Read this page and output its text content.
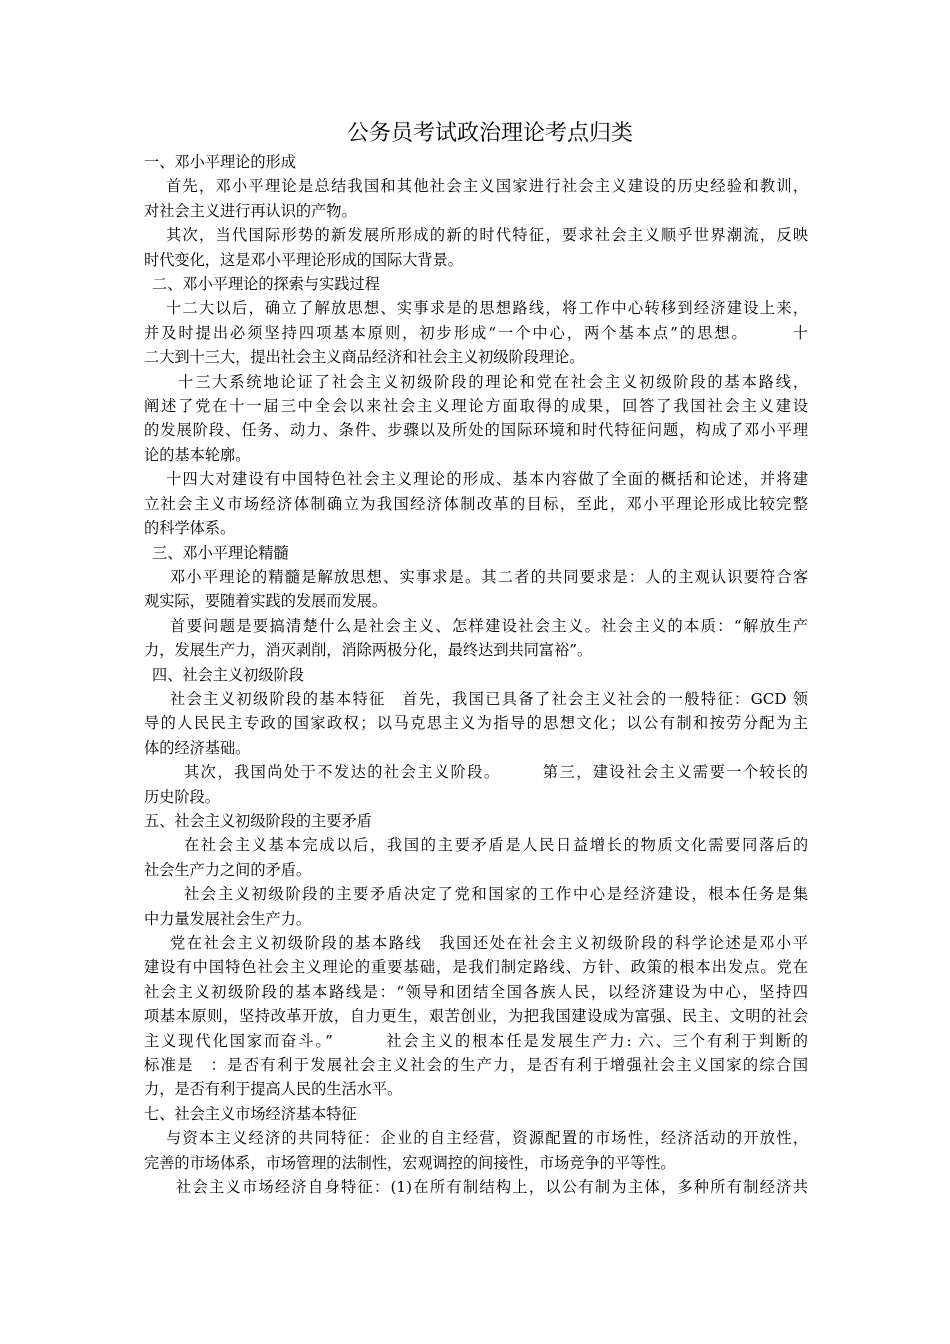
公务员考试政治理论考点归类

一、邓小平理论的形成

首先，邓小平理论是总结我国和其他社会主义国家进行社会主义建设的历史经验和教训，

对社会主义进行再认识的产物。

其次，当代国际形势的新发展所形成的新的时代特征，要求社会主义顺乎世界潮流，反映

时代变化，这是邓小平理论形成的国际大背景。

二、邓小平理论的探索与实践过程

十二大以后，确立了解放思想、实事求是的思想路线，将工作中心转移到经济建设上来，

并及时提出必须坚持四项基本原则，初步形成“一个中心，两个基本点”的思想。　　　十

二大到十三大，提出社会主义商品经济和社会主义初级阶段理论。

十三大系统地论证了社会主义初级阶段的理论和党在社会主义初级阶段的基本路线，

阐述了党在十一届三中全会以来社会主义理论方面取得的成果，回答了我国社会主义建设

的发展阶段、任务、动力、条件、步骤以及所处的国际环境和时代特征问题，构成了邓小平理

论的基本轮廓。

十四大对建设有中国特色社会主义理论的形成、基本内容做了全面的概括和论述，并将建

立社会主义市场经济体制确立为我国经济体制改革的目标，至此，邓小平理论形成比较完整

的科学体系。

三、邓小平理论精髓

邓小平理论的精髓是解放思想、实事求是。其二者的共同要求是：人的主观认识要符合客

观实际，要随着实践的发展而发展。

首要问题是要搞清楚什么是社会主义、怎样建设社会主义。社会主义的本质：“解放生产

力，发展生产力，消灭剥削，消除两极分化，最终达到共同富裕”。

四、社会主义初级阶段

社会主义初级阶段的基本特征　首先，我国已具备了社会主义社会的一般特征：GCD 领

导的人民民主专政的国家政权；以马克思主义为指导的思想文化；以公有制和按劳分配为主

体的经济基础。

其次，我国尚处于不发达的社会主义阶段。　　　第三，建设社会主义需要一个较长的

历史阶段。

五、社会主义初级阶段的主要矛盾

在社会主义基本完成以后，我国的主要矛盾是人民日益增长的物质文化需要同落后的

社会生产力之间的矛盾。

社会主义初级阶段的主要矛盾决定了党和国家的工作中心是经济建设，根本任务是集

中力量发展社会生产力。

党在社会主义初级阶段的基本路线　我国还处在社会主义初级阶段的科学论述是邓小平

建设有中国特色社会主义理论的重要基础，是我们制定路线、方针、政策的根本出发点。党在

社会主义初级阶段的基本路线是：“领导和团结全国各族人民，以经济建设为中心，坚持四

项基本原则，坚持改革开放，自力更生，艰苦创业，为把我国建设成为富强、民主、文明的社会

主义现代化国家而奋斗。”　　　社会主义的根本任是发展生产力: 六、三个有利于判断的

标准是　：是否有利于发展社会主义社会的生产力，是否有利于增强社会主义国家的综合国

力，是否有利于提高人民的生活水平。

七、社会主义市场经济基本特征

与资本主义经济的共同特征：企业的自主经营，资源配置的市场性，经济活动的开放性，

完善的市场体系，市场管理的法制性，宏观调控的间接性，市场竞争的平等性。

社会主义市场经济自身特征：(1)在所有制结构上，以公有制为主体，多种所有制经济共
